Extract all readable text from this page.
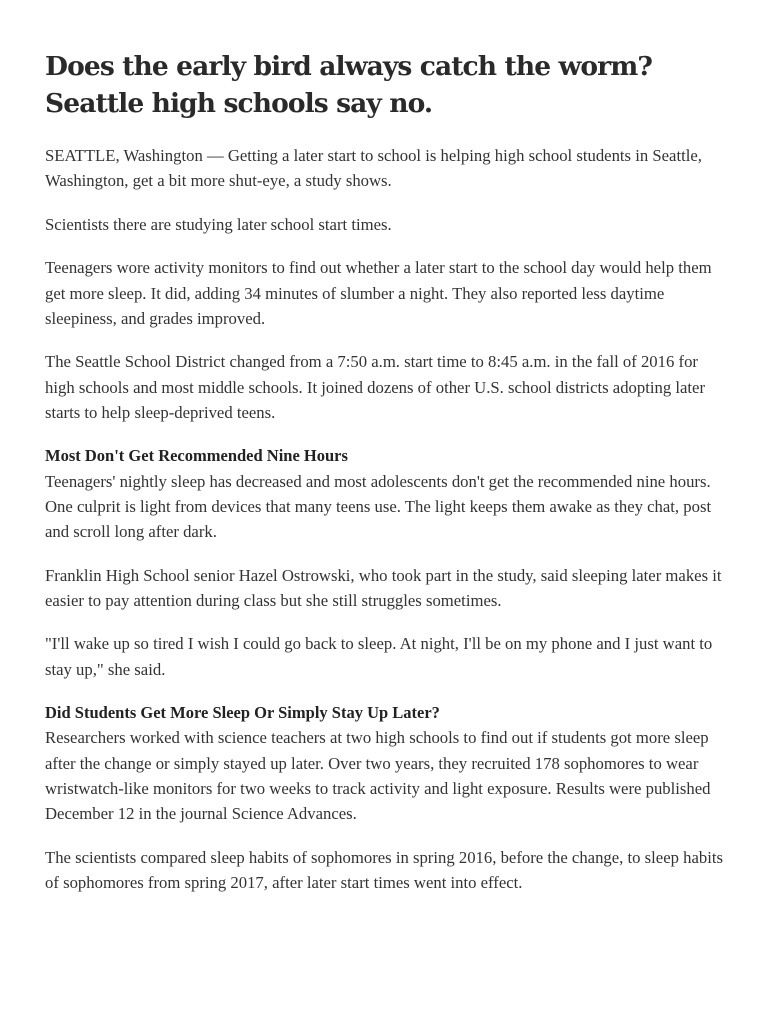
Does the early bird always catch the worm? Seattle high schools say no.

SEATTLE, Washington — Getting a later start to school is helping high school students in Seattle, Washington, get a bit more shut-eye, a study shows.

Scientists there are studying later school start times.

Teenagers wore activity monitors to find out whether a later start to the school day would help them get more sleep. It did, adding 34 minutes of slumber a night. They also reported less daytime sleepiness, and grades improved.

The Seattle School District changed from a 7:50 a.m. start time to 8:45 a.m. in the fall of 2016 for high schools and most middle schools. It joined dozens of other U.S. school districts adopting later starts to help sleep-deprived teens.

Most Don't Get Recommended Nine Hours

Teenagers' nightly sleep has decreased and most adolescents don't get the recommended nine hours. One culprit is light from devices that many teens use. The light keeps them awake as they chat, post and scroll long after dark.

Franklin High School senior Hazel Ostrowski, who took part in the study, said sleeping later makes it easier to pay attention during class but she still struggles sometimes.

"I'll wake up so tired I wish I could go back to sleep. At night, I'll be on my phone and I just want to stay up," she said.

Did Students Get More Sleep Or Simply Stay Up Later?

Researchers worked with science teachers at two high schools to find out if students got more sleep after the change or simply stayed up later. Over two years, they recruited 178 sophomores to wear wristwatch-like monitors for two weeks to track activity and light exposure. Results were published December 12 in the journal Science Advances.

The scientists compared sleep habits of sophomores in spring 2016, before the change, to sleep habits of sophomores from spring 2017, after later start times went into effect.
